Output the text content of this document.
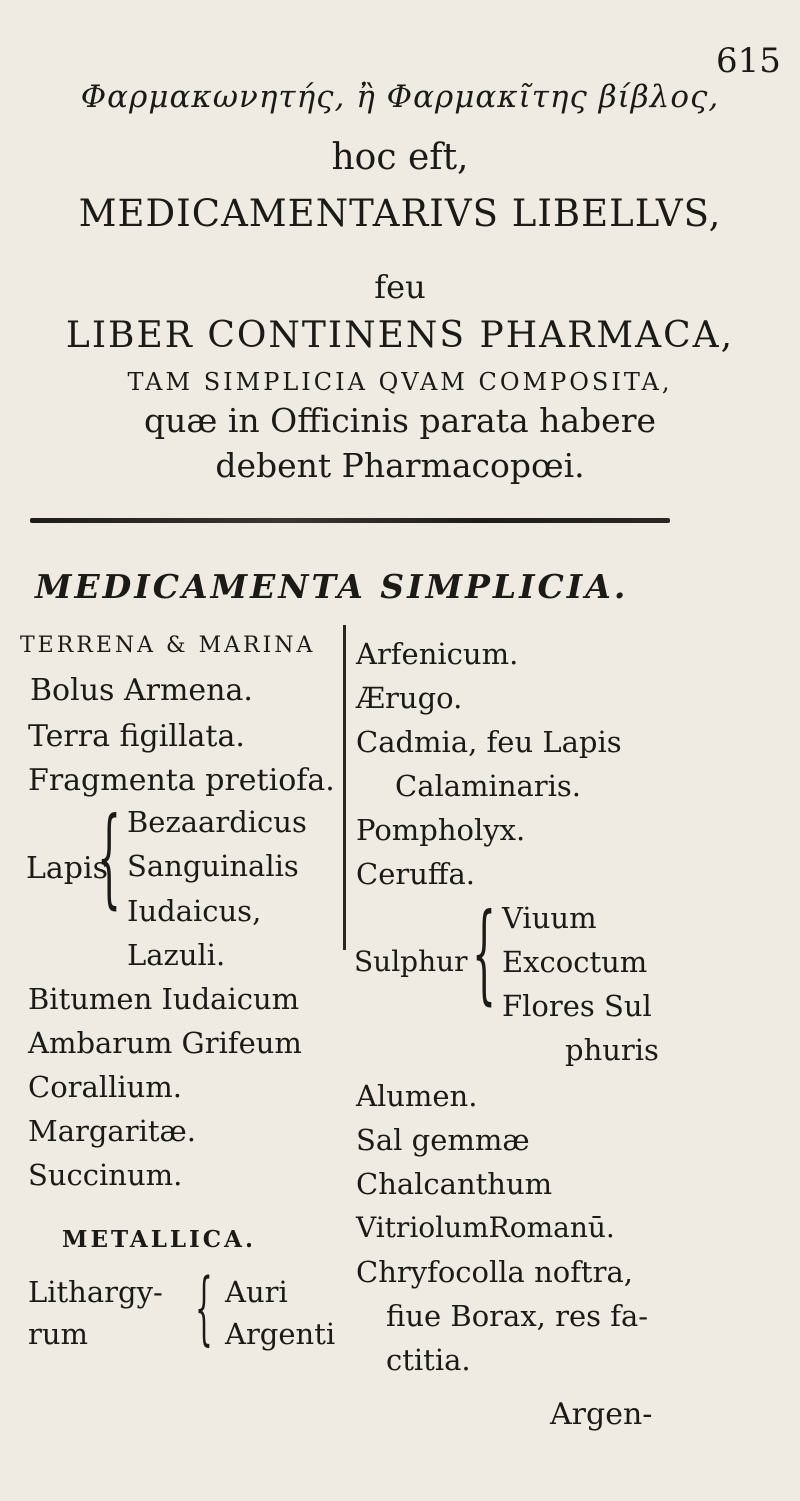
615
Φαρμακωνητής, ἢ Φαρμακῖτης βίβλος,
hoc eft,
MEDICAMENTARIVS LIBELLVS,
feu
LIBER CONTINENS PHARMACA,
TAM SIMPLICIA QVAM COMPOSITA,
quæ in Officinis parata habere
debent Pharmacopœi.
MEDICAMENTA SIMPLICIA.
TERRENA & MARINA
Bolus Armena.
Terra figillata.
Fragmenta pretiofa.
Lapis
{ Bezaardicus
Sanguinalis
Iudaicus,
Lazuli.
Bitumen Iudaicum
Ambarum Grifeum
Corallium.
Margaritæ.
Succinum.
METALLICA.
Lithargy-
rum { Auri
Argenti
Arfenicum.
Ærugo.
Cadmia, feu Lapis
Calaminaris.
Pompholyx.
Ceruffa.
Sulphur { Viuum
Excoctum
Flores Sul
phuris
Alumen.
Sal gemmæ
Chalcanthum
VitriolumRomanū.
Chryfocolla noftra,
fiue Borax, res fa-
ctitia.
Argen-
